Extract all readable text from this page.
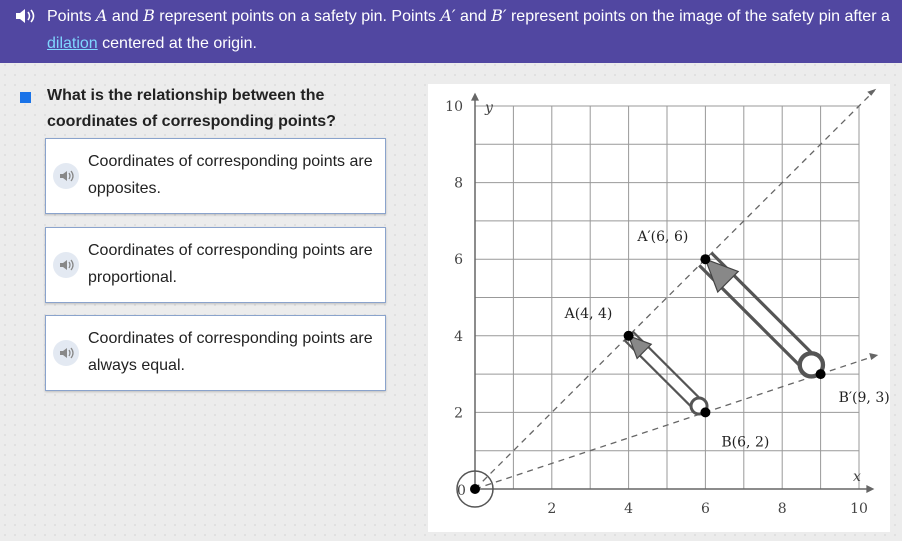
Points A and B represent points on a safety pin. Points A′ and B′ represent points on the image of the safety pin after a dilation centered at the origin.
What is the relationship between the coordinates of corresponding points?
Coordinates of corresponding points are opposites.
Coordinates of corresponding points are proportional.
Coordinates of corresponding points are always equal.
2	4	6	8	10
2
4
6
8
10 y
x
0
A(4, 4)
B(6, 2)
A′(6, 6)
B′(9, 3)
